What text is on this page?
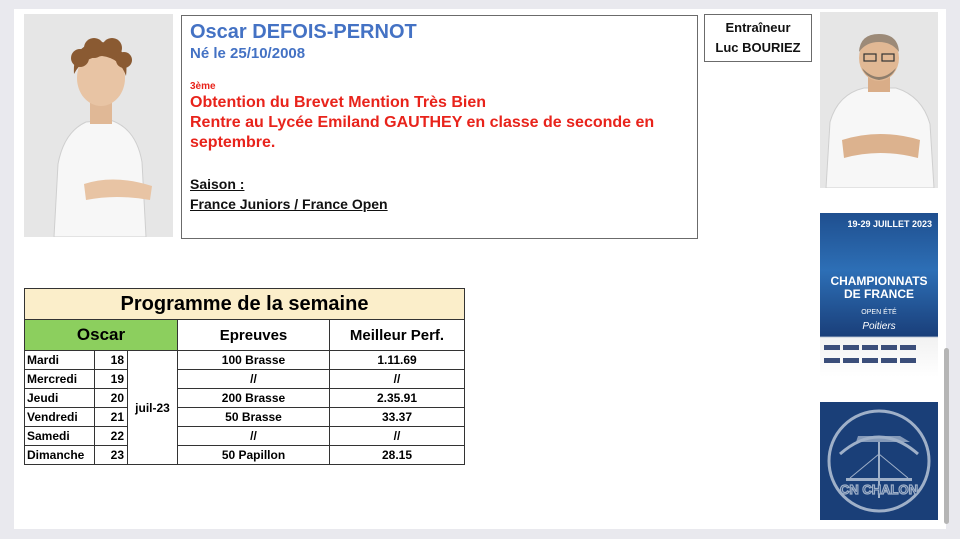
Oscar DEFOIS-PERNOT
Né le 25/10/2008
3ème
Obtention du Brevet Mention Très Bien
Rentre au Lycée Emiland GAUTHEY en classe de seconde en septembre.
Saison :
France Juniors / France Open
Entraîneur
Luc BOURIEZ
19-29 JUILLET 2023
CHAMPIONNATS DE FRANCE
OPEN ÉTÉ
Poitiers
CN CHALON
Programme de la semaine				
Oscar			Epreuves	Meilleur Perf.
Mardi	18	juil-23	100 Brasse	1.11.69
Mercredi	19		//	//
Jeudi	20		200 Brasse	2.35.91
Vendredi	21		50 Brasse	33.37
Samedi	22		//	//
Dimanche	23		50 Papillon	28.15
